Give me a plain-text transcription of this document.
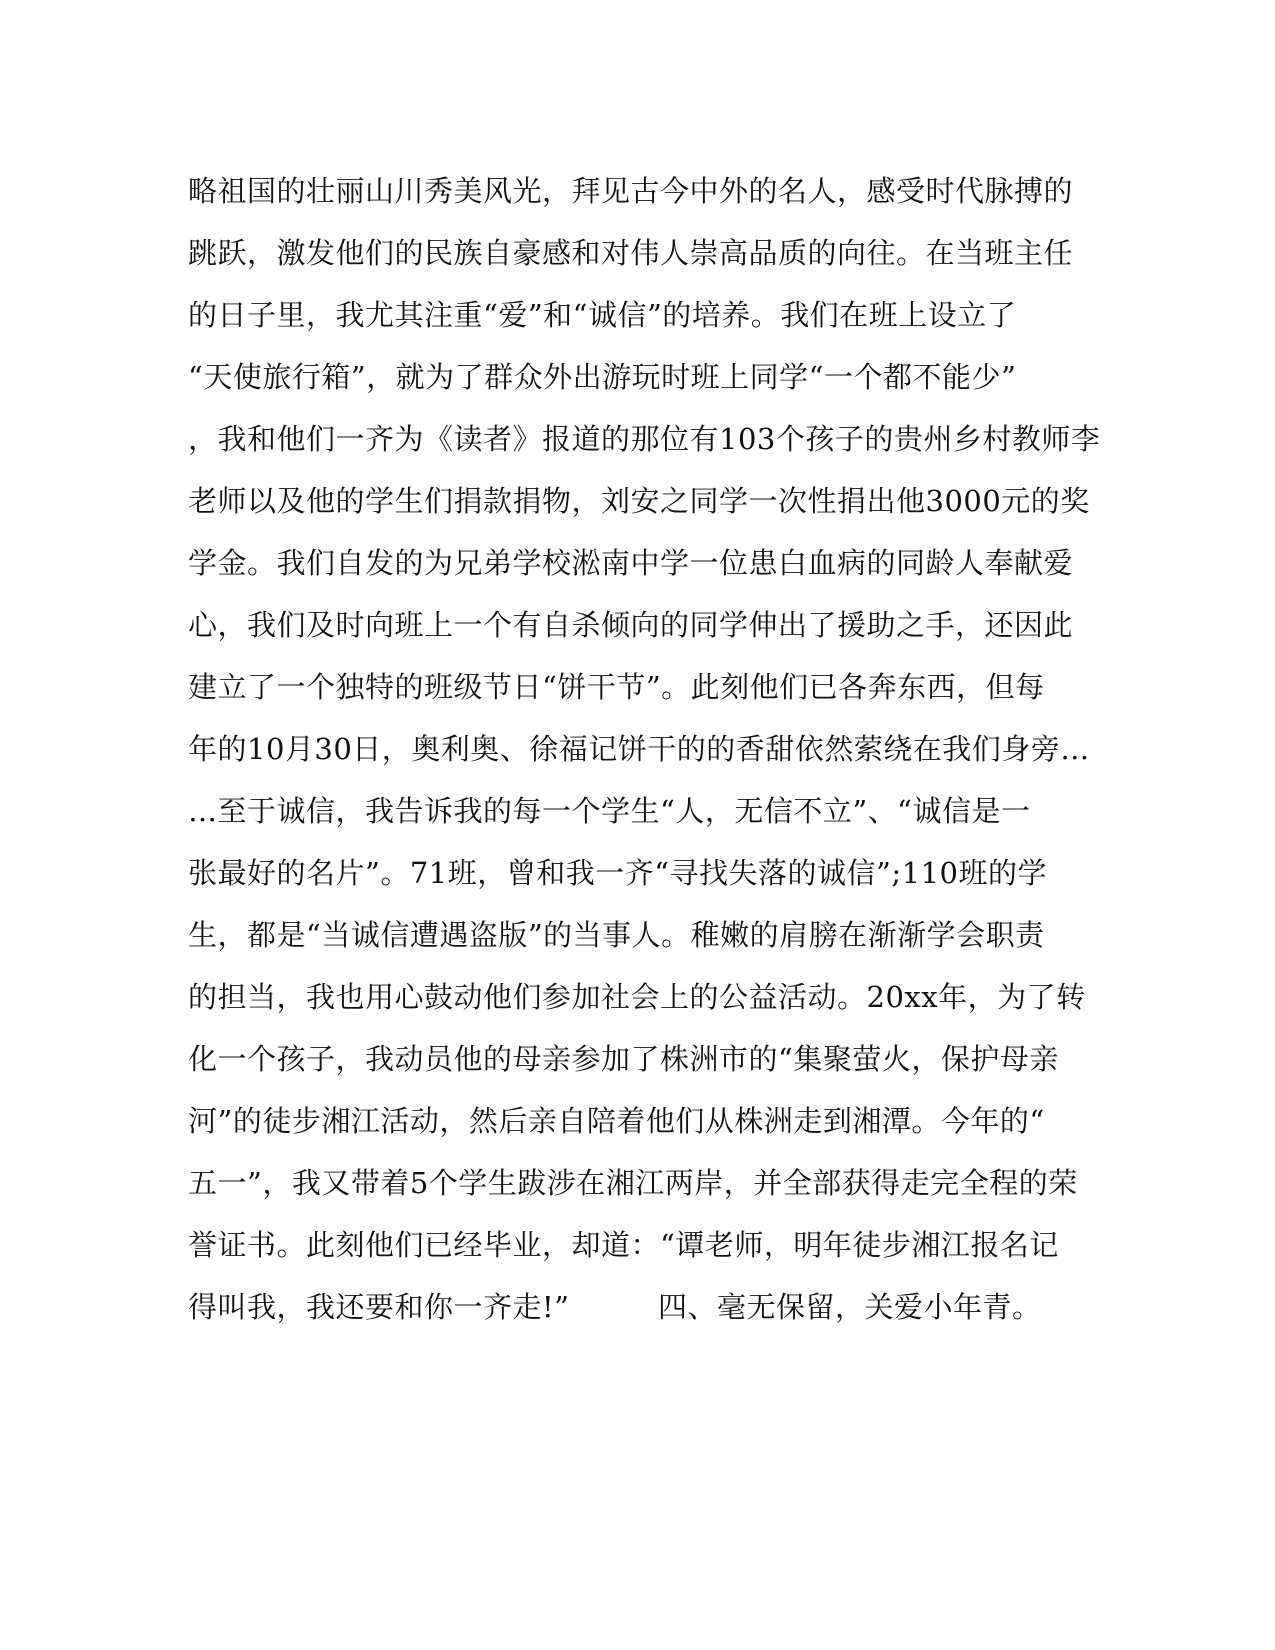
略祖国的壮丽山川秀美风光，拜见古今中外的名人，感受时代脉搏的
跳跃，激发他们的民族自豪感和对伟人崇高品质的向往。在当班主任
的日子里，我尤其注重“爱”和“诚信”的培养。我们在班上设立了
“天使旅行箱”，就为了群众外出游玩时班上同学“一个都不能少”
，我和他们一齐为《读者》报道的那位有103个孩子的贵州乡村教师李
老师以及他的学生们捐款捐物，刘安之同学一次性捐出他3000元的奖
学金。我们自发的为兄弟学校淞南中学一位患白血病的同龄人奉献爱
心，我们及时向班上一个有自杀倾向的同学伸出了援助之手，还因此
建立了一个独特的班级节日“饼干节”。此刻他们已各奔东西，但每
年的10月30日，奥利奥、徐福记饼干的的香甜依然萦绕在我们身旁…
…至于诚信，我告诉我的每一个学生“人，无信不立”、“诚信是一
张最好的名片”。71班，曾和我一齐“寻找失落的诚信”;110班的学
生，都是“当诚信遭遇盗版”的当事人。稚嫩的肩膀在渐渐学会职责
的担当，我也用心鼓动他们参加社会上的公益活动。20xx年，为了转
化一个孩子，我动员他的母亲参加了株洲市的“集聚萤火，保护母亲
河”的徒步湘江活动，然后亲自陪着他们从株洲走到湘潭。今年的“
五一”，我又带着5个学生跋涉在湘江两岸，并全部获得走完全程的荣
誉证书。此刻他们已经毕业，却道：“谭老师，明年徒步湘江报名记
得叫我，我还要和你一齐走!”　　　四、毫无保留，关爱小年青。
